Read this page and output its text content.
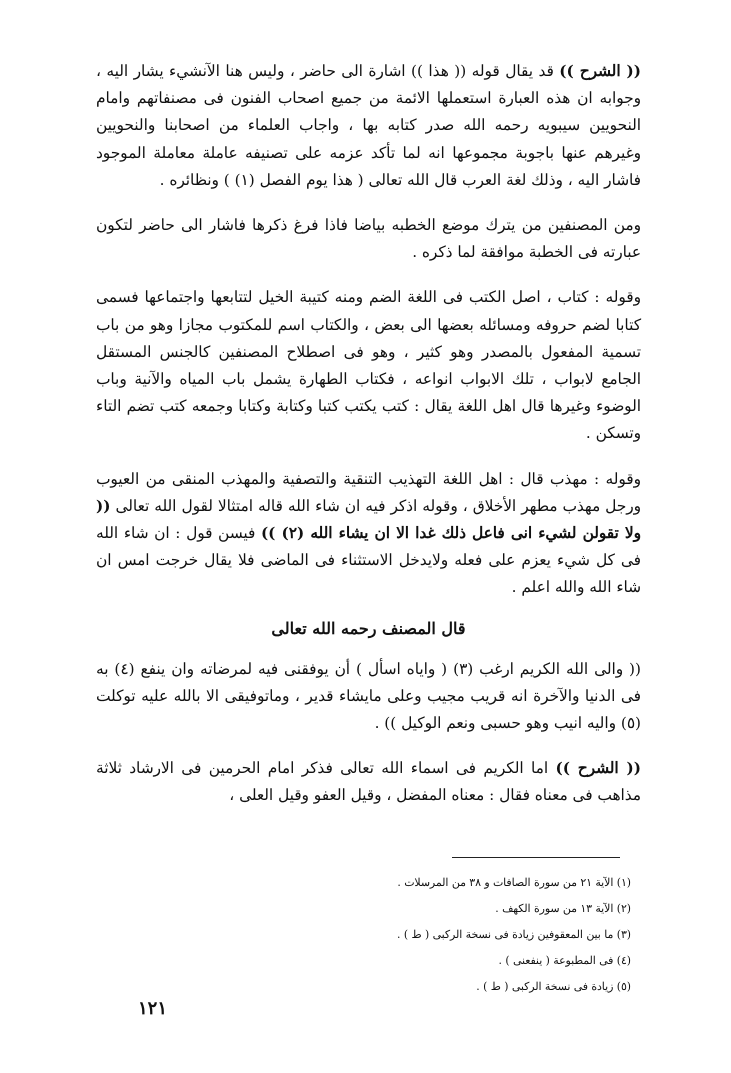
(( الشرح )) قد يقال قوله (( هذا )) اشارة الى حاضر ، وليس هنا الآنشيء يشار اليه ، وجوابه ان هذه العبارة استعملها الائمة من جميع اصحاب الفنون فى مصنفاتهم وامام النحويين سيبويه رحمه الله صدر كتابه بها ، واجاب العلماء من اصحابنا والنحويين وغيرهم عنها باجوبة مجموعها انه لما تأكد عزمه على تصنيفه عاملة معاملة الموجود فاشار اليه ، وذلك لغة العرب قال الله تعالى ( هذا يوم الفصل (١) ) ونظائره .

ومن المصنفين من يترك موضع الخطبه بياضا فاذا فرغ ذكرها فاشار الى حاضر لتكون عبارته فى الخطبة موافقة لما ذكره .

وقوله : كتاب ، اصل الكتب فى اللغة الضم ومنه كتيبة الخيل لتتابعها واجتماعها فسمى كتابا لضم حروفه ومسائله بعضها الى بعض ، والكتاب اسم للمكتوب مجازا وهو من باب تسمية المفعول بالمصدر وهو كثير ، وهو فى اصطلاح المصنفين كالجنس المستقل الجامع لابواب ، تلك الابواب انواعه ، فكتاب الطهارة يشمل باب المياه والآنية وباب الوضوء وغيرها قال اهل اللغة يقال : كتب يكتب كتبا وكتابة وكتابا وجمعه كتب تضم التاء وتسكن .

وقوله : مهذب قال : اهل اللغة التهذيب التنقية والتصفية والمهذب المنقى من العيوب ورجل مهذب مطهر الأخلاق ، وقوله اذكر فيه ان شاء الله قاله امتثالا لقول الله تعالى (( ولا تقولن لشيء انى فاعل ذلك غدا الا ان يشاء الله (٢) )) فيسن قول : ان شاء الله فى كل شيء يعزم على فعله ولايدخل الاستثناء فى الماضى فلا يقال خرجت امس ان شاء الله والله اعلم .

قال المصنف رحمه الله تعالى

(( والى الله الكريم ارغب (٣) ( واياه اسأل ) أن يوفقنى فيه لمرضاته وان ينفع (٤) به فى الدنيا والآخرة انه قريب مجيب وعلى مايشاء قدير ، وماتوفيقى الا بالله عليه توكلت (٥) واليه انيب وهو حسبى ونعم الوكيل )) .

(( الشرح )) اما الكريم فى اسماء الله تعالى فذكر امام الحرمين فى الارشاد ثلاثة مذاهب فى معناه فقال : معناه المفضل ، وقيل العفو وقيل العلى ،

(١) الآية ٢١ من سورة الصافات و ٣٨ من المرسلات .

(٢) الآية ١٣ من سورة الكهف .

(٣) ما بين المعقوفين زيادة فى نسخة الركبى ( ط ) .

(٤) فى المطبوعة ( ينفعنى ) .

(٥) زيادة فى نسخة الركبى ( ط ) .

١٢١
